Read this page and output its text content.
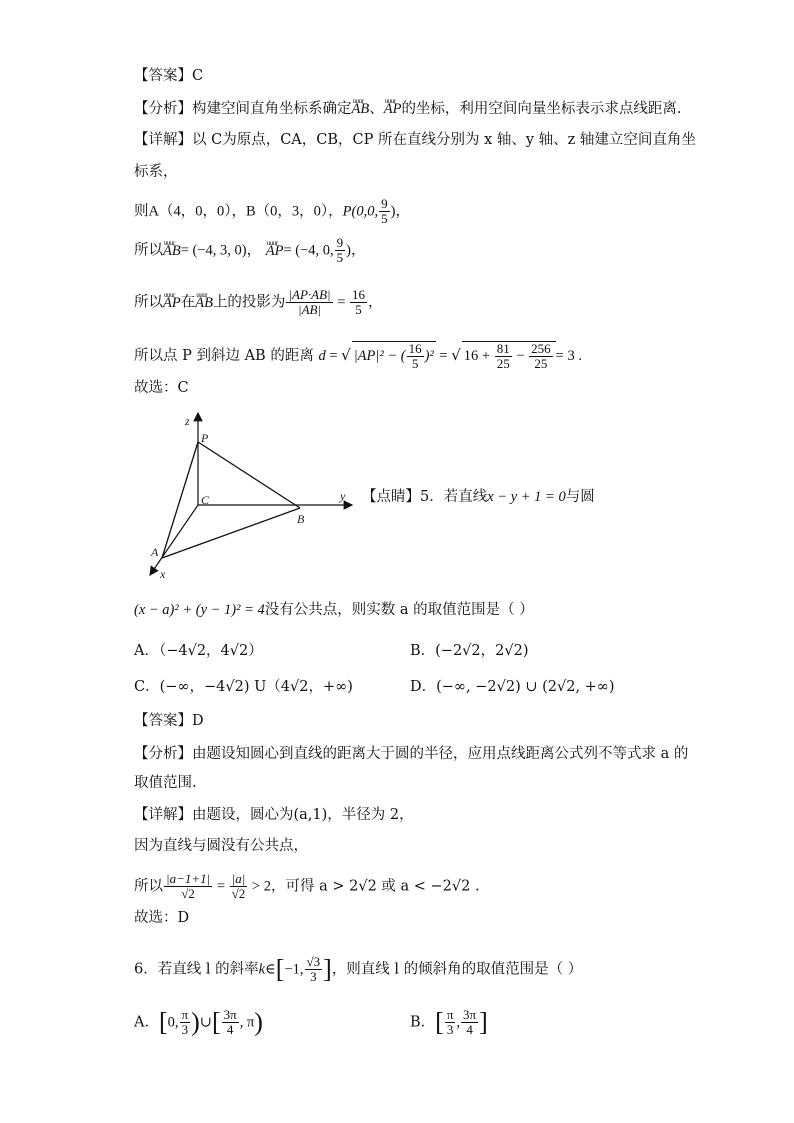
【答案】C
【分析】构建空间直角坐标系确定uuur AB、uuur AP的坐标，利用空间向量坐标表示求点线距离.
【详解】以 C为原点，CA，CB，CP 所在直线分别为 x 轴、y 轴、z 轴建立空间直角坐
标系，
则A（4，0，0），B（0，3，0），P(0,0, $\frac{9}{5}$ )，
所以uuur AB= (−4, 3, 0)， uuur AP= (−4, 0, $\frac{9}{5}$ )，
所以uuur AP在uuur AB上的投影为 $\frac{|AP\cdot AB|}{|AB|} = \frac{16}{5}$ ，
所以点 P 到斜边 AB 的距离 d = √ |AP|² − ( $\frac{16}{5} )^2$ = √ $16 + \frac{81}{25} - \frac{256}{25} = 3$ .
故选：C
z
P
C	y
B
A
x
【点睛】5．若直线x − y + 1 = 0与圆
(x − a)² + (y − 1)² = 4没有公共点，则实数 a 的取值范围是（ ）
A．（−4√2，4√2）	B．(−2√2，2√2)
C．(−∞，−4√2) U（4√2，+∞)	D．(−∞, −2√2) ∪ (2√2, +∞)
【答案】D
【分析】由题设知圆心到直线的距离大于圆的半径，应用点线距离公式列不等式求 a 的
取值范围.
【详解】由题设，圆心为(a,1)，半径为 2，
因为直线与圆没有公共点，
所以 $\frac{|a-1+1|}{√2} = \frac{|a|}{√2} > 2$，可得 a > 2√2 或 a < −2√2 .
故选：D
6．若直线 l 的斜率k∈[−1, $\frac{√3}{3}$ ]，则直线 l 的倾斜角的取值范围是（ ）
A．[0, $\frac{\pi}{3}$ )∪[ $\frac{3\pi}{4}$ , π)	B．[ $\frac{\pi}{3}$ , $\frac{3\pi}{4}$ ]
